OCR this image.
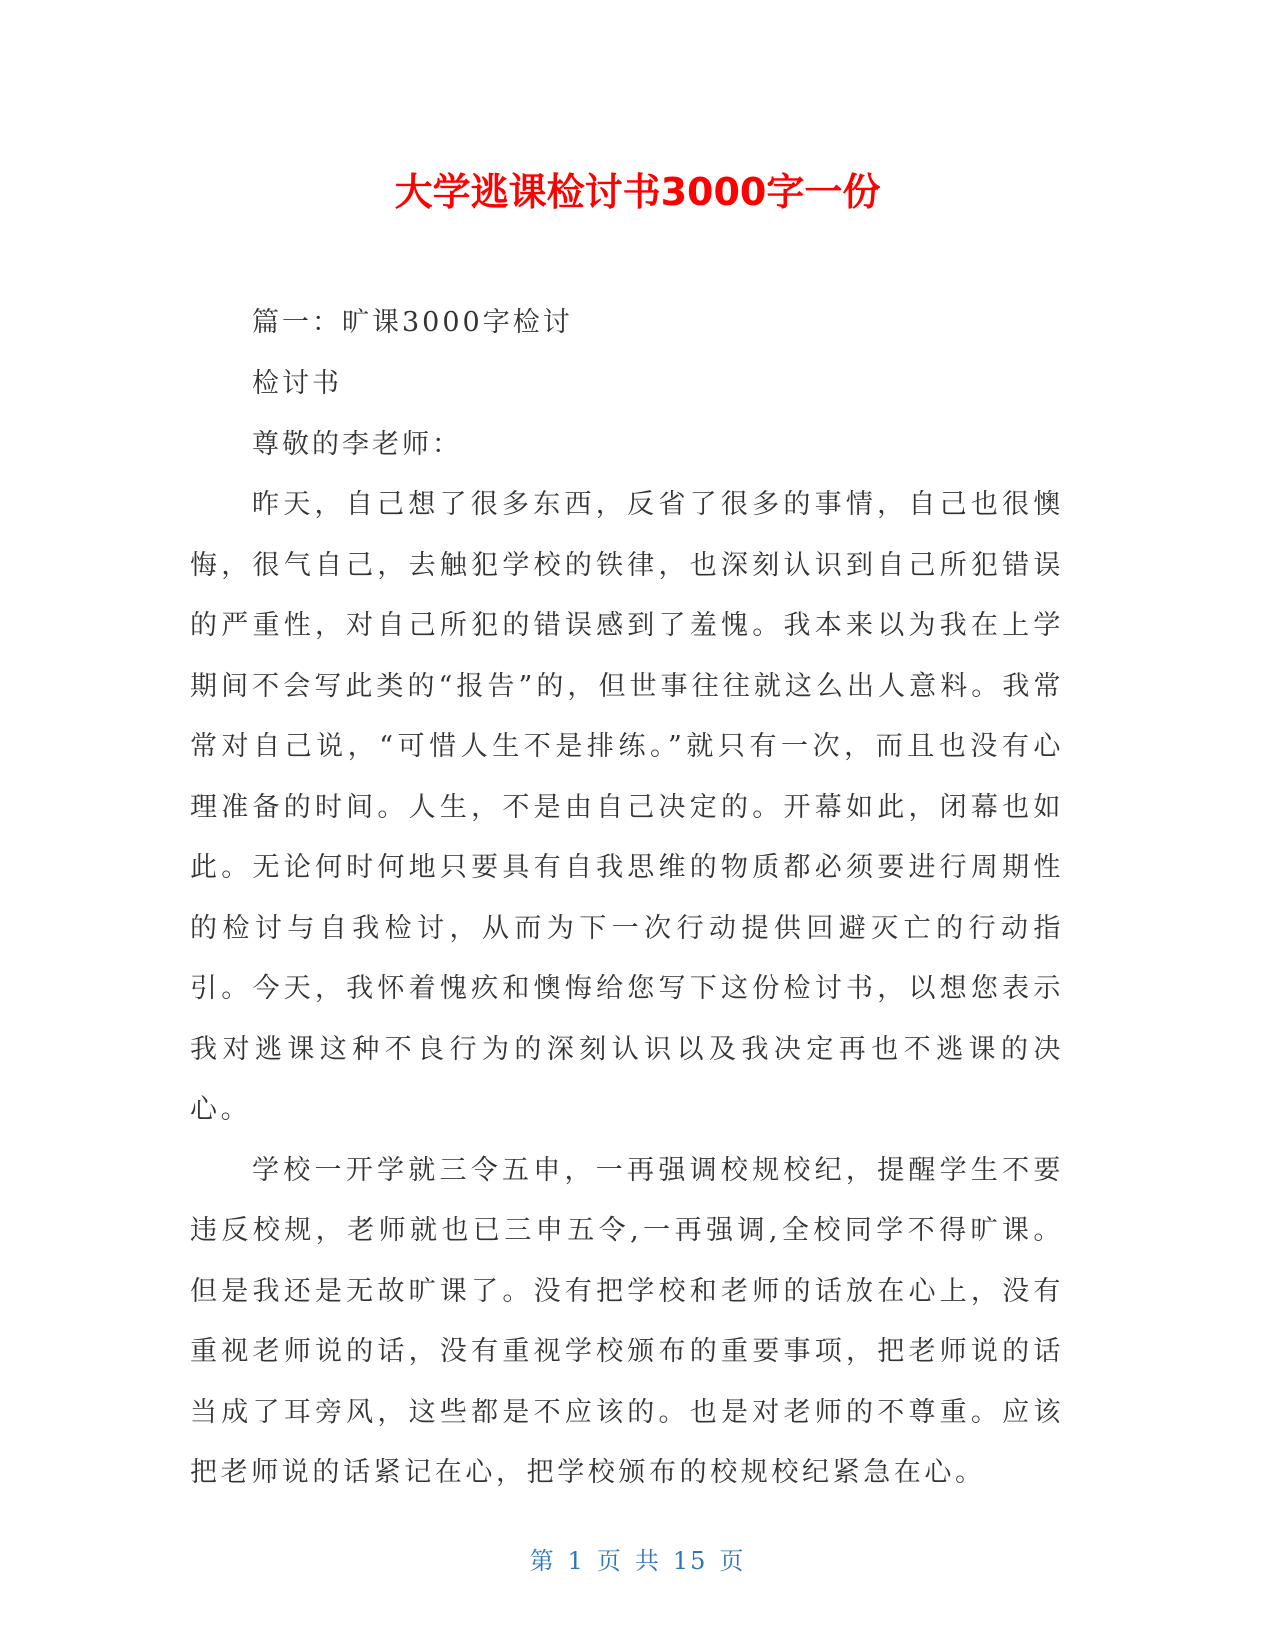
大学逃课检讨书3000字一份

篇一：旷课3000字检讨

检讨书

尊敬的李老师：

昨天，自己想了很多东西，反省了很多的事情，自己也很懊悔，很气自己，去触犯学校的铁律，也深刻认识到自己所犯错误的严重性，对自己所犯的错误感到了羞愧。我本来以为我在上学期间不会写此类的“报告”的，但世事往往就这么出人意料。我常常对自己说，“可惜人生不是排练。”就只有一次，而且也没有心理准备的时间。人生，不是由自己决定的。开幕如此，闭幕也如此。无论何时何地只要具有自我思维的物质都必须要进行周期性的检讨与自我检讨，从而为下一次行动提供回避灭亡的行动指引。今天，我怀着愧疚和懊悔给您写下这份检讨书，以想您表示我对逃课这种不良行为的深刻认识以及我决定再也不逃课的决心。

学校一开学就三令五申，一再强调校规校纪，提醒学生不要违反校规，老师就也已三申五令,一再强调,全校同学不得旷课。但是我还是无故旷课了。没有把学校和老师的话放在心上，没有重视老师说的话，没有重视学校颁布的重要事项，把老师说的话当成了耳旁风，这些都是不应该的。也是对老师的不尊重。应该把老师说的话紧记在心，把学校颁布的校规校纪紧急在心。

第 1 页 共 15 页
